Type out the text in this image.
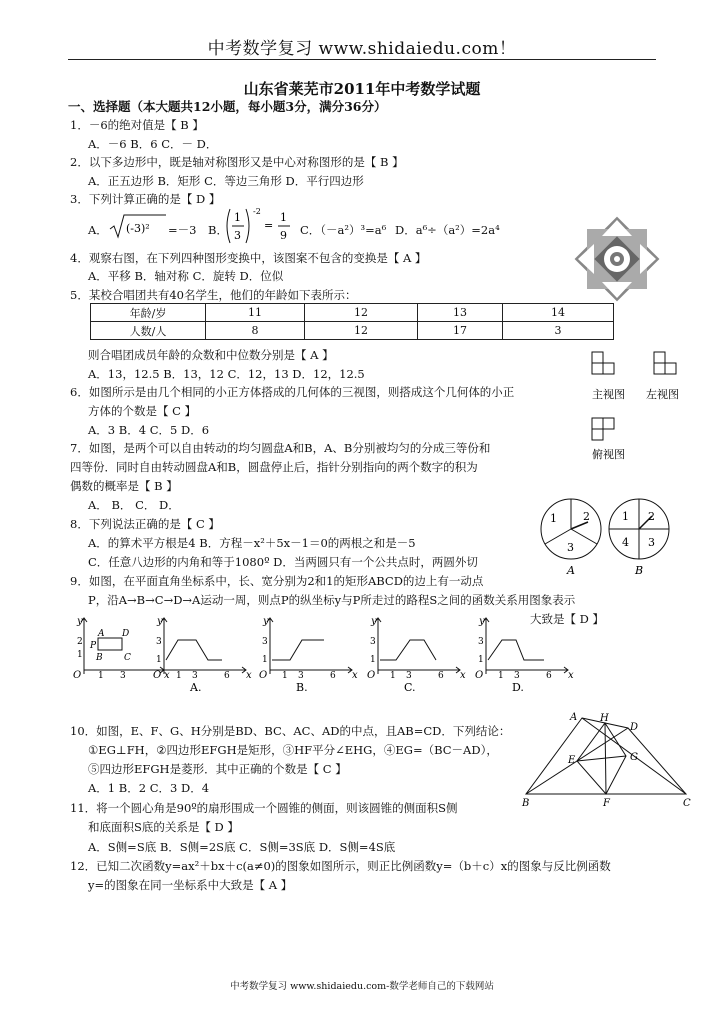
中考数学复习 www.shidaiedu.com！
山东省莱芜市2011年中考数学试题
一、选择题（本大题共12小题，每小题3分，满分36分）
1．－6的绝对值是【 B 】
A．－6 B．6 C．－ D．
2．以下多边形中，既是轴对称图形又是中心对称图形的是【 B 】
A．正五边形 B．矩形 C．等边三角形 D．平行四边形
3．下列计算正确的是【 D 】
A． (-3)² =－3 B．
1
3
-2
=
1
9 C．（－a²）³=a⁶ D．a⁶÷（a²）=2a⁴
4．观察右图，在下列四种图形变换中，该图案不包含的变换是【 A 】
A．平移 B．轴对称 C．旋转 D．位似
5．某校合唱团共有40名学生，他们的年龄如下表所示：
年龄/岁	11	12	13	14
人数/人	8	12	17	3
则合唱团成员年龄的众数和中位数分别是【 A 】
A．13，12.5 B．13，12 C．12，13 D．12，12.5
主视图 左视图
俯视图
6．如图所示是由几个相同的小正方体搭成的几何体的三视图，则搭成这个几何体的小正
方体的个数是【 C 】
A．3 B．4 C．5 D．6
7．如图，是两个可以自由转动的均匀圆盘A和B，A、B分别被均匀的分成三等份和
四等份．同时自由转动圆盘A和B，圆盘停止后，指针分别指向的两个数字的积为
偶数的概率是【 B 】
A． B． C． D．
1 2
3
1 2
4 3
A	B
8．下列说法正确的是【 C 】
A．的算术平方根是4 B．方程－x²＋5x－1＝0的两根之和是－5
C．任意八边形的内角和等于1080º D．当两圆只有一个公共点时，两圆外切
9．如图，在平面直角坐标系中，长、宽分别为2和1的矩形ABCD的边上有一动点
P，沿A→B→C→D→A运动一周，则点P的纵坐标y与P所走过的路程S之间的函数关系用图象表示
大致是【 D 】
y
x
O
2
1
1 3
A D
P
B C
y
x
O
3
1
1 3	6
A.
y
x
O
3
1
1 3	6
B.
y
x
O
3
1
1 3	6
C.
y
x
O
3
1
1 3	6
D.
10．如图，E、F、G、H分别是BD、BC、AC、AD的中点，且AB=CD．下列结论：
①EG⊥FH，②四边形EFGH是矩形，③HF平分∠EHG，④EG=（BC－AD），
⑤四边形EFGH是菱形．其中正确的个数是【 C 】
A．1 B．2 C．3 D．4
A H
D
E	G
B	F	C
11．将一个圆心角是90º的扇形围成一个圆锥的侧面，则该圆锥的侧面积S侧
和底面积S底的关系是【 D 】
A．S侧=S底 B．S侧=2S底 C．S侧=3S底 D．S侧=4S底
12．已知二次函数y=ax²＋bx＋c(a≠0)的图象如图所示，则正比例函数y=（b＋c）x的图象与反比例函数
y=的图象在同一坐标系中大致是【 A 】
中考数学复习 www.shidaiedu.com-数学老师自己的下载网站
